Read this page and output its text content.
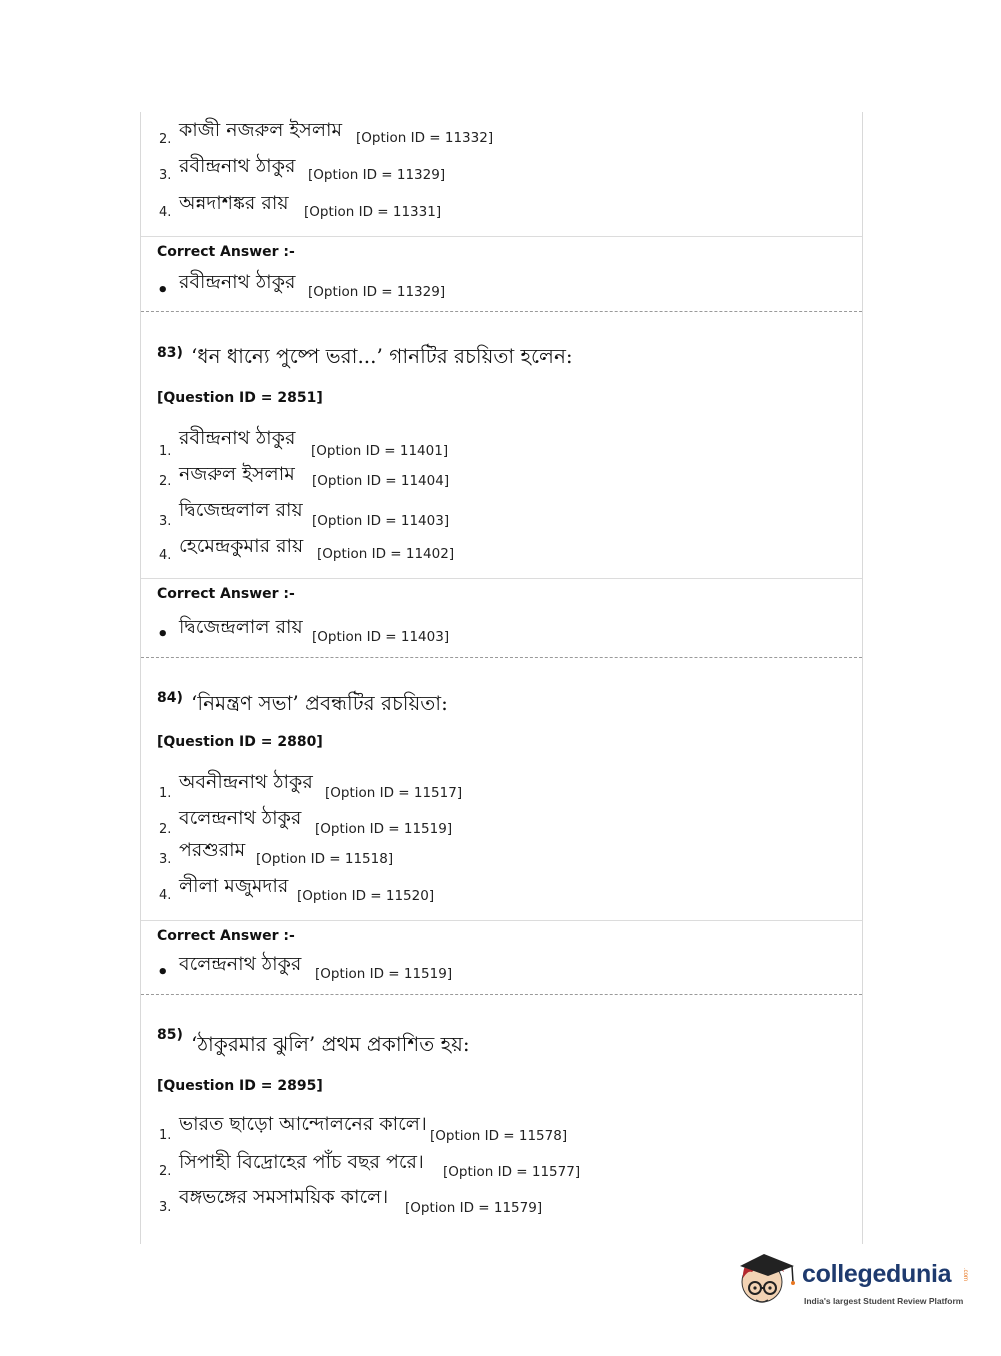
2. কাজী নজরুল ইসলাম [Option ID = 11332]
3. রবীন্দ্রনাথ ঠাকুর [Option ID = 11329]
4. অন্নদাশঙ্কর রায় [Option ID = 11331]
Correct Answer :-
• রবীন্দ্রনাথ ঠাকুর [Option ID = 11329]
83) ‘ধন ধান্যে পুষ্পে ভরা...’ গানটির রচয়িতা হলেন:
[Question ID = 2851]
1.
রবীন্দ্রনাথ ঠাকুর
[Option ID = 11401]
2. নজরুল ইসলাম [Option ID = 11404]
3.
দ্বিজেন্দ্রলাল রায় [Option ID = 11403]
4. হেমেন্দ্রকুমার রায় [Option ID = 11402]
Correct Answer :-
• দ্বিজেন্দ্রলাল রায় [Option ID = 11403]
84) ‘নিমন্ত্রণ সভা’ প্রবন্ধটির রচয়িতা:
[Question ID = 2880]
1.
অবনীন্দ্রনাথ ঠাকুর [Option ID = 11517]
2.
বলেন্দ্রনাথ ঠাকুর [Option ID = 11519]
3. পরশুরাম [Option ID = 11518]
4. লীলা মজুমদার [Option ID = 11520]
Correct Answer :-
• বলেন্দ্রনাথ ঠাকুর [Option ID = 11519]
85) ‘ঠাকুরমার ঝুলি’ প্রথম প্রকাশিত হয়:
[Question ID = 2895]
1.
ভারত ছাড়ো আন্দোলনের কালে।
[Option ID = 11578]
2. সিপাহী বিদ্রোহের পাঁচ বছর পরে। [Option ID = 11577]
3. বঙ্গভঙ্গের সমসাময়িক কালে। [Option ID = 11579]
collegedunia .com
India's largest Student Review Platform
